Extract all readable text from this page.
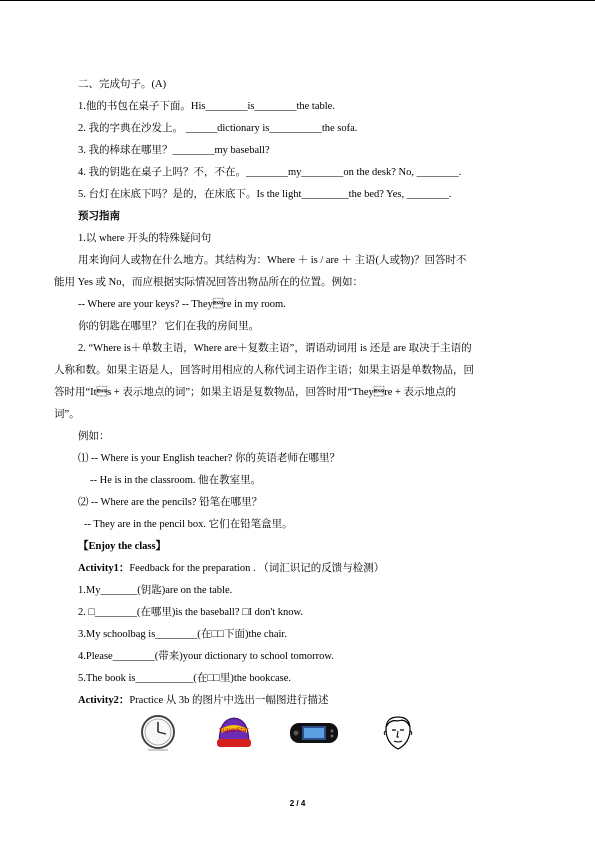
二、完成句子。(A)
1.他的书包在桌子下面。His________is________the table.
2. 我的字典在沙发上。 ______dictionary is__________the sofa.
3. 我的棒球在哪里？________my baseball?
4. 我的钥匙在桌子上吗？不，不在。________my________on the desk? No, ________.
5. 台灯在床底下吗？是的，在床底下。Is the light_________the bed? Yes, ________.
预习指南
1.以 where 开头的特殊疑问句
用来询问人或物在什么地方。其结构为：Where ＋ is / are ＋ 主语(人或物)？回答时不
能用 Yes 或 No，而应根据实际情况回答出物品所在的位置。例如：
-- Where are your keys? -- Theyre in my room.
你的钥匙在哪里？ 它们在我的房间里。
2. “Where is＋单数主语，Where are＋复数主语”，谓语动词用 is 还是 are 取决于主语的
人称和数。如果主语是人，回答时用相应的人称代词主语作主语；如果主语是单数物品，回
答时用“Its + 表示地点的词”；如果主语是复数物品，回答时用“Theyre + 表示地点的
词”。
例如：
⑴ -- Where is your English teacher? 你的英语老师在哪里？
-- He is in the classroom. 他在教室里。
⑵ -- Where are the pencils? 铅笔在哪里？
-- They are in the pencil box. 它们在铅笔盒里。
【Enjoy the class】
Activity1：Feedback for the preparation . （词汇识记的反馈与检测）
1.My_______(钥匙)are on the table.
2. □________(在哪里)is the baseball? □I don't know.
3.My schoolbag is________(在□□下面)the chair.
4.Please________(带来)your dictionary to school tomorrow.
5.The book is___________(在□□里)the bookcase.
Activity2：Practice 从 3b 的图片中选出一幅图进行描述
SuperStar
2 / 4
